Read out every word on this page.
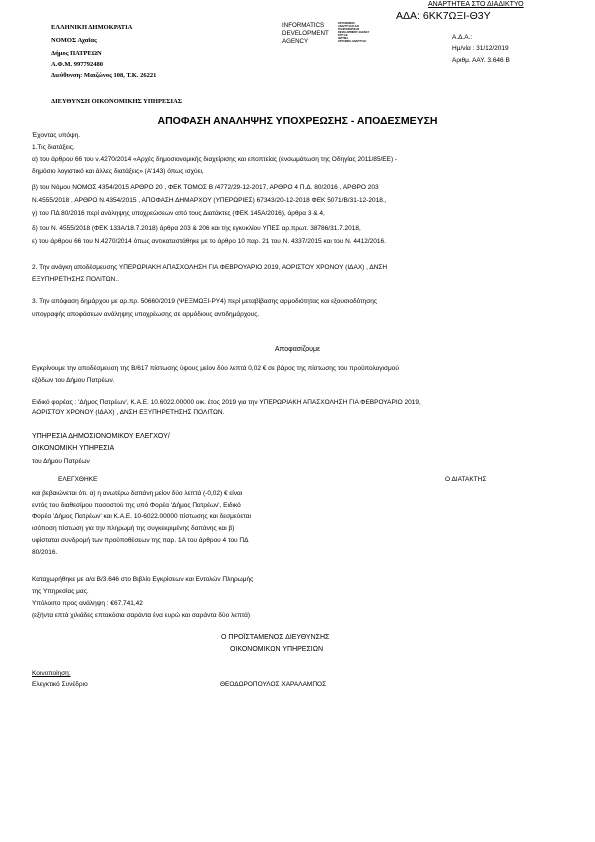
ΑΝΑΡΤΗΤΕΑ ΣΤΟ ΔΙΑΔΙΚΤΥΟ
ΑΔΑ: 6ΚΚ7ΩΞΙ-Θ3Υ
ΕΛΛΗΝΙΚΗ ΔΗΜΟΚΡΑΤΙΑ
ΝΟΜΟΣ Αχαΐας
Δήμος ΠΑΤΡΕΩΝ
Α.Φ.Μ. 997792480
Διεύθυνση: Μαιζώνος 108, Τ.Κ. 26221
INFORMATICS
DEVELOPMENT
AGENCY
ΟΡΓΑΝΙΣΜΟΣ
ΑΝΑΠΤΥΞΗΣ ΚΑΙ
ΠΛΗΡΟΦΟΡΙΚΗΣ
DEVELOPMENT AGENCY
ΚΤΠ ΑΕ
ΙΔΡΥΜΑ
ΟΡΓΑΝΙΚΗ ΑΝΑΠΤΥΞΗ
Α.Δ.Α.:
Ημ/νία : 31/12/2019
Αριθμ. ΑΑΥ. 3.646 Β
ΔΙΕΥΘΥΝΣΗ ΟΙΚΟΝΟΜΙΚΗΣ ΥΠΗΡΕΣΙΑΣ
ΑΠΟΦΑΣΗ ΑΝΑΛΗΨΗΣ ΥΠΟΧΡΕΩΣΗΣ - ΑΠΟΔΕΣΜΕΥΣΗ
Έχοντας υπόψη.
1.Τις διατάξεις.
α) του άρθρου 66 του ν.4270/2014 «Αρχές δημοσιονομικής διαχείρισης και εποπτείας (ενσωμάτωση της Οδηγίας 2011/85/ΕΕ) -
δημόσιο λογιστικό και άλλες διατάξεις» (Α'143) όπως ισχύει,
β) του Νόμου ΝΟΜΟΣ 4354/2015 ΑΡΘΡΟ 20 , ΦΕΚ ΤΟΜΟΣ Β /4772/29-12-2017, ΑΡΘΡΟ 4 Π.Δ. 80/2016 , ΑΡΘΡΟ 203
Ν.4555/2018 , ΑΡΘΡΟ Ν.4354/2015 , ΑΠΟΦΑΣΗ ΔΗΜΑΡΧΟΥ (ΥΠΕΡΩΡΙΕΣ) 67343/20-12-2018 ΦΕΚ 5071/Β/31-12-2018.,
γ) του ΠΔ 80/2016 περί ανάληψης υποχρεώσεων από τους Διατάκτες (ΦΕΚ 145Α/2016), άρθρα 3 & 4,
δ) του Ν. 4555/2018 (ΦΕΚ 133Α/18.7.2018) άρθρα 203 & 206 και της εγκυκλίου ΥΠΕΣ αρ.πρωτ. 38786/31.7.2018,
ε) του άρθρου 66 του Ν.4270/2014 όπως αντικαταστάθηκε με το άρθρο 10 παρ. 21 του Ν. 4337/2015 και του Ν. 4412/2016.
2. Την ανάγκη αποδέσμευσης ΥΠΕΡΩΡΙΑΚΗ ΑΠΑΣΧΟΛΗΣΗ ΓΙΑ ΦΕΒΡΟΥΑΡΙΟ 2019, ΑΟΡΙΣΤΟΥ ΧΡΟΝΟΥ (ΙΔΑΧ) , ΔΝΣΗ
ΕΞΥΠΗΡΕΤΗΣΗΣ ΠΟΛΙΤΩΝ..
3. Την απόφαση δημάρχου με αρ.πρ. 50660/2019 (ΨΕΞΜΩΞΙ-ΡΥ4) περί μεταβίβασης αρμοδιότητας και εξουσιοδότησης
υπογραφής αποφάσεων ανάληψης υποχρέωσης σε αρμόδιους αντιδημάρχους.
Αποφασίζουμε
Εγκρίνουμε την αποδέσμευση της Β/617 πίστωσης ύψους μείον δύο λεπτά 0,02 € σε βάρος της πίστωσης του προϋπολογισμού
εξόδων του Δήμου Πατρέων.
Ειδικό φορέας : 'Δήμος Πατρέων', Κ.Α.Ε. 10.6022.00000 οικ. έτος 2019 για την ΥΠΕΡΩΡΙΑΚΗ ΑΠΑΣΧΟΛΗΣΗ ΓΙΑ ΦΕΒΡΟΥΑΡΙΟ 2019,
ΑΟΡΙΣΤΟΥ ΧΡΟΝΟΥ (ΙΔΑΧ) , ΔΝΣΗ ΕΞΥΠΗΡΕΤΗΣΗΣ ΠΟΛΙΤΩΝ.
ΥΠΗΡΕΣΙΑ ΔΗΜΟΣΙΟΝΟΜΙΚΟΥ ΕΛΕΓΧΟΥ/
ΟΙΚΟΝΟΜΙΚΗ ΥΠΗΡΕΣΙΑ
του Δήμου Πατρέων
ΕΛΕΓΧΘΗΚΕ	Ο ΔΙΑΤΑΚΤΗΣ
και βεβαιώνεται ότι. α) η ανωτέρω δαπάνη μείον δύο λεπτά (-0,02) € είναι
εντός του διαθεσίμου ποσοστού της υπό Φορέα 'Δήμος Πατρέων', Ειδικό
Φορέα 'Δήμος Πατρέων' και Κ.Α.Ε. 10-6022.00000 πίστωσης και δεσμεύεται
ισόποση πίστωση για την πληρωμή της συγκεκριμένης δαπάνης και β)
υφίσταται συνδρομή των προϋποθέσεων της παρ. 1Α του άρθρου 4 του ΠΔ
80/2016.
Καταχωρήθηκε με α/α Β/3.646 στο Βιβλίο Εγκρίσεων και Εντολών Πληρωμής
της Υπηρεσίας μας.
Υπόλοιπο προς ανάληψη : €67.741,42
(εξήντα επτά χιλιάδες επτακόσια σαράντα ένα ευρώ και σαράντα δύο λεπτά)
Ο ΠΡΟΪΣΤΑΜΕΝΟΣ ΔΙΕΥΘΥΝΣΗΣ
ΟΙΚΟΝΟΜΙΚΩΝ ΥΠΗΡΕΣΙΩΝ
Κοινοποίηση:
Ελεγκτικό Συνέδριο	ΘΕΟΔΩΡΟΠΟΥΛΟΣ ΧΑΡΑΛΑΜΠΟΣ
